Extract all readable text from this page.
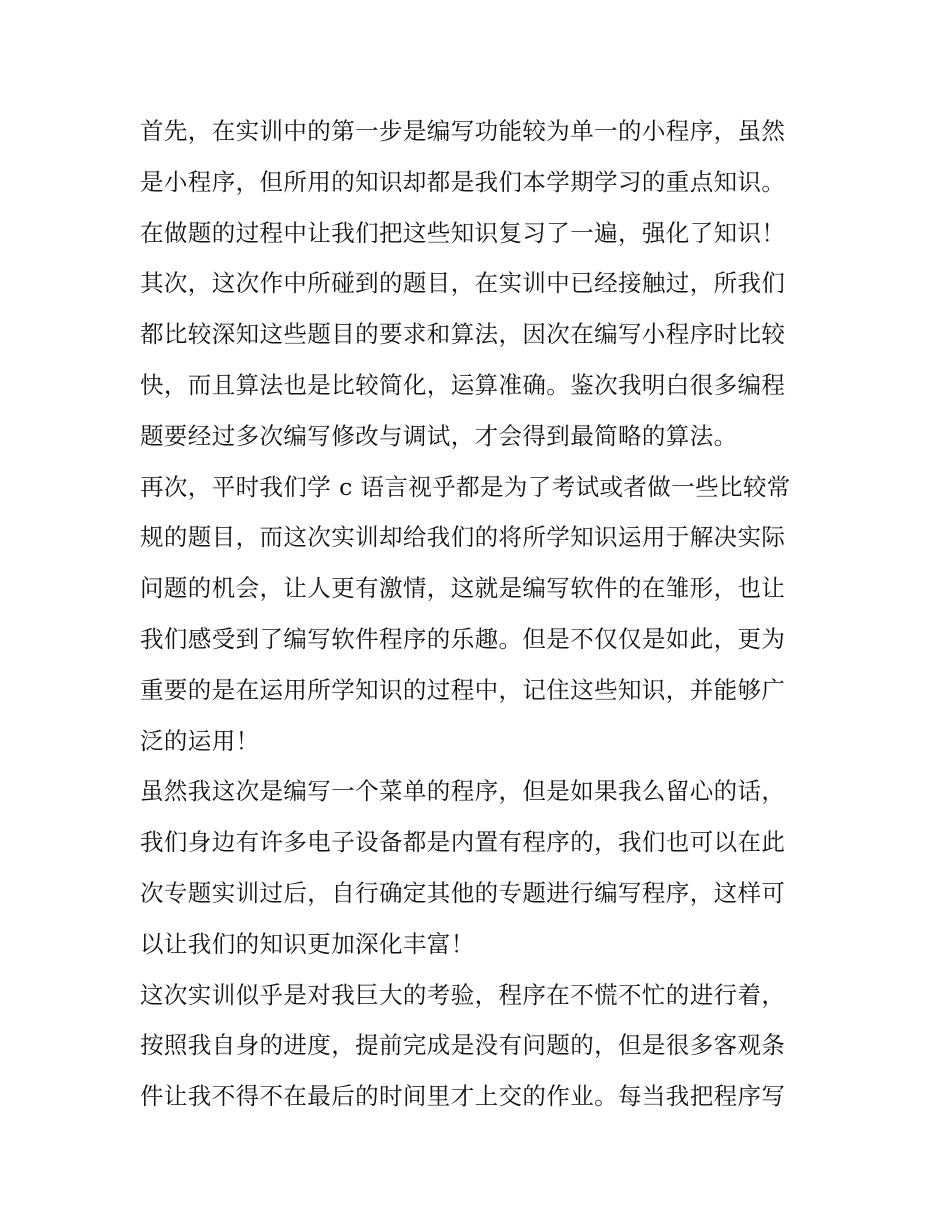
首先，在实训中的第一步是编写功能较为单一的小程序，虽然
是小程序，但所用的知识却都是我们本学期学习的重点知识。
在做题的过程中让我们把这些知识复习了一遍，强化了知识！
其次，这次作中所碰到的题目，在实训中已经接触过，所我们
都比较深知这些题目的要求和算法，因次在编写小程序时比较
快，而且算法也是比较简化，运算准确。鉴次我明白很多编程
题要经过多次编写修改与调试，才会得到最简略的算法。
再次，平时我们学 c 语言视乎都是为了考试或者做一些比较常
规的题目，而这次实训却给我们的将所学知识运用于解决实际
问题的机会，让人更有激情，这就是编写软件的在雏形，也让
我们感受到了编写软件程序的乐趣。但是不仅仅是如此，更为
重要的是在运用所学知识的过程中，记住这些知识，并能够广
泛的运用！
虽然我这次是编写一个菜单的程序，但是如果我么留心的话，
我们身边有许多电子设备都是内置有程序的，我们也可以在此
次专题实训过后，自行确定其他的专题进行编写程序，这样可
以让我们的知识更加深化丰富！
这次实训似乎是对我巨大的考验，程序在不慌不忙的进行着，
按照我自身的进度，提前完成是没有问题的，但是很多客观条
件让我不得不在最后的时间里才上交的作业。每当我把程序写
